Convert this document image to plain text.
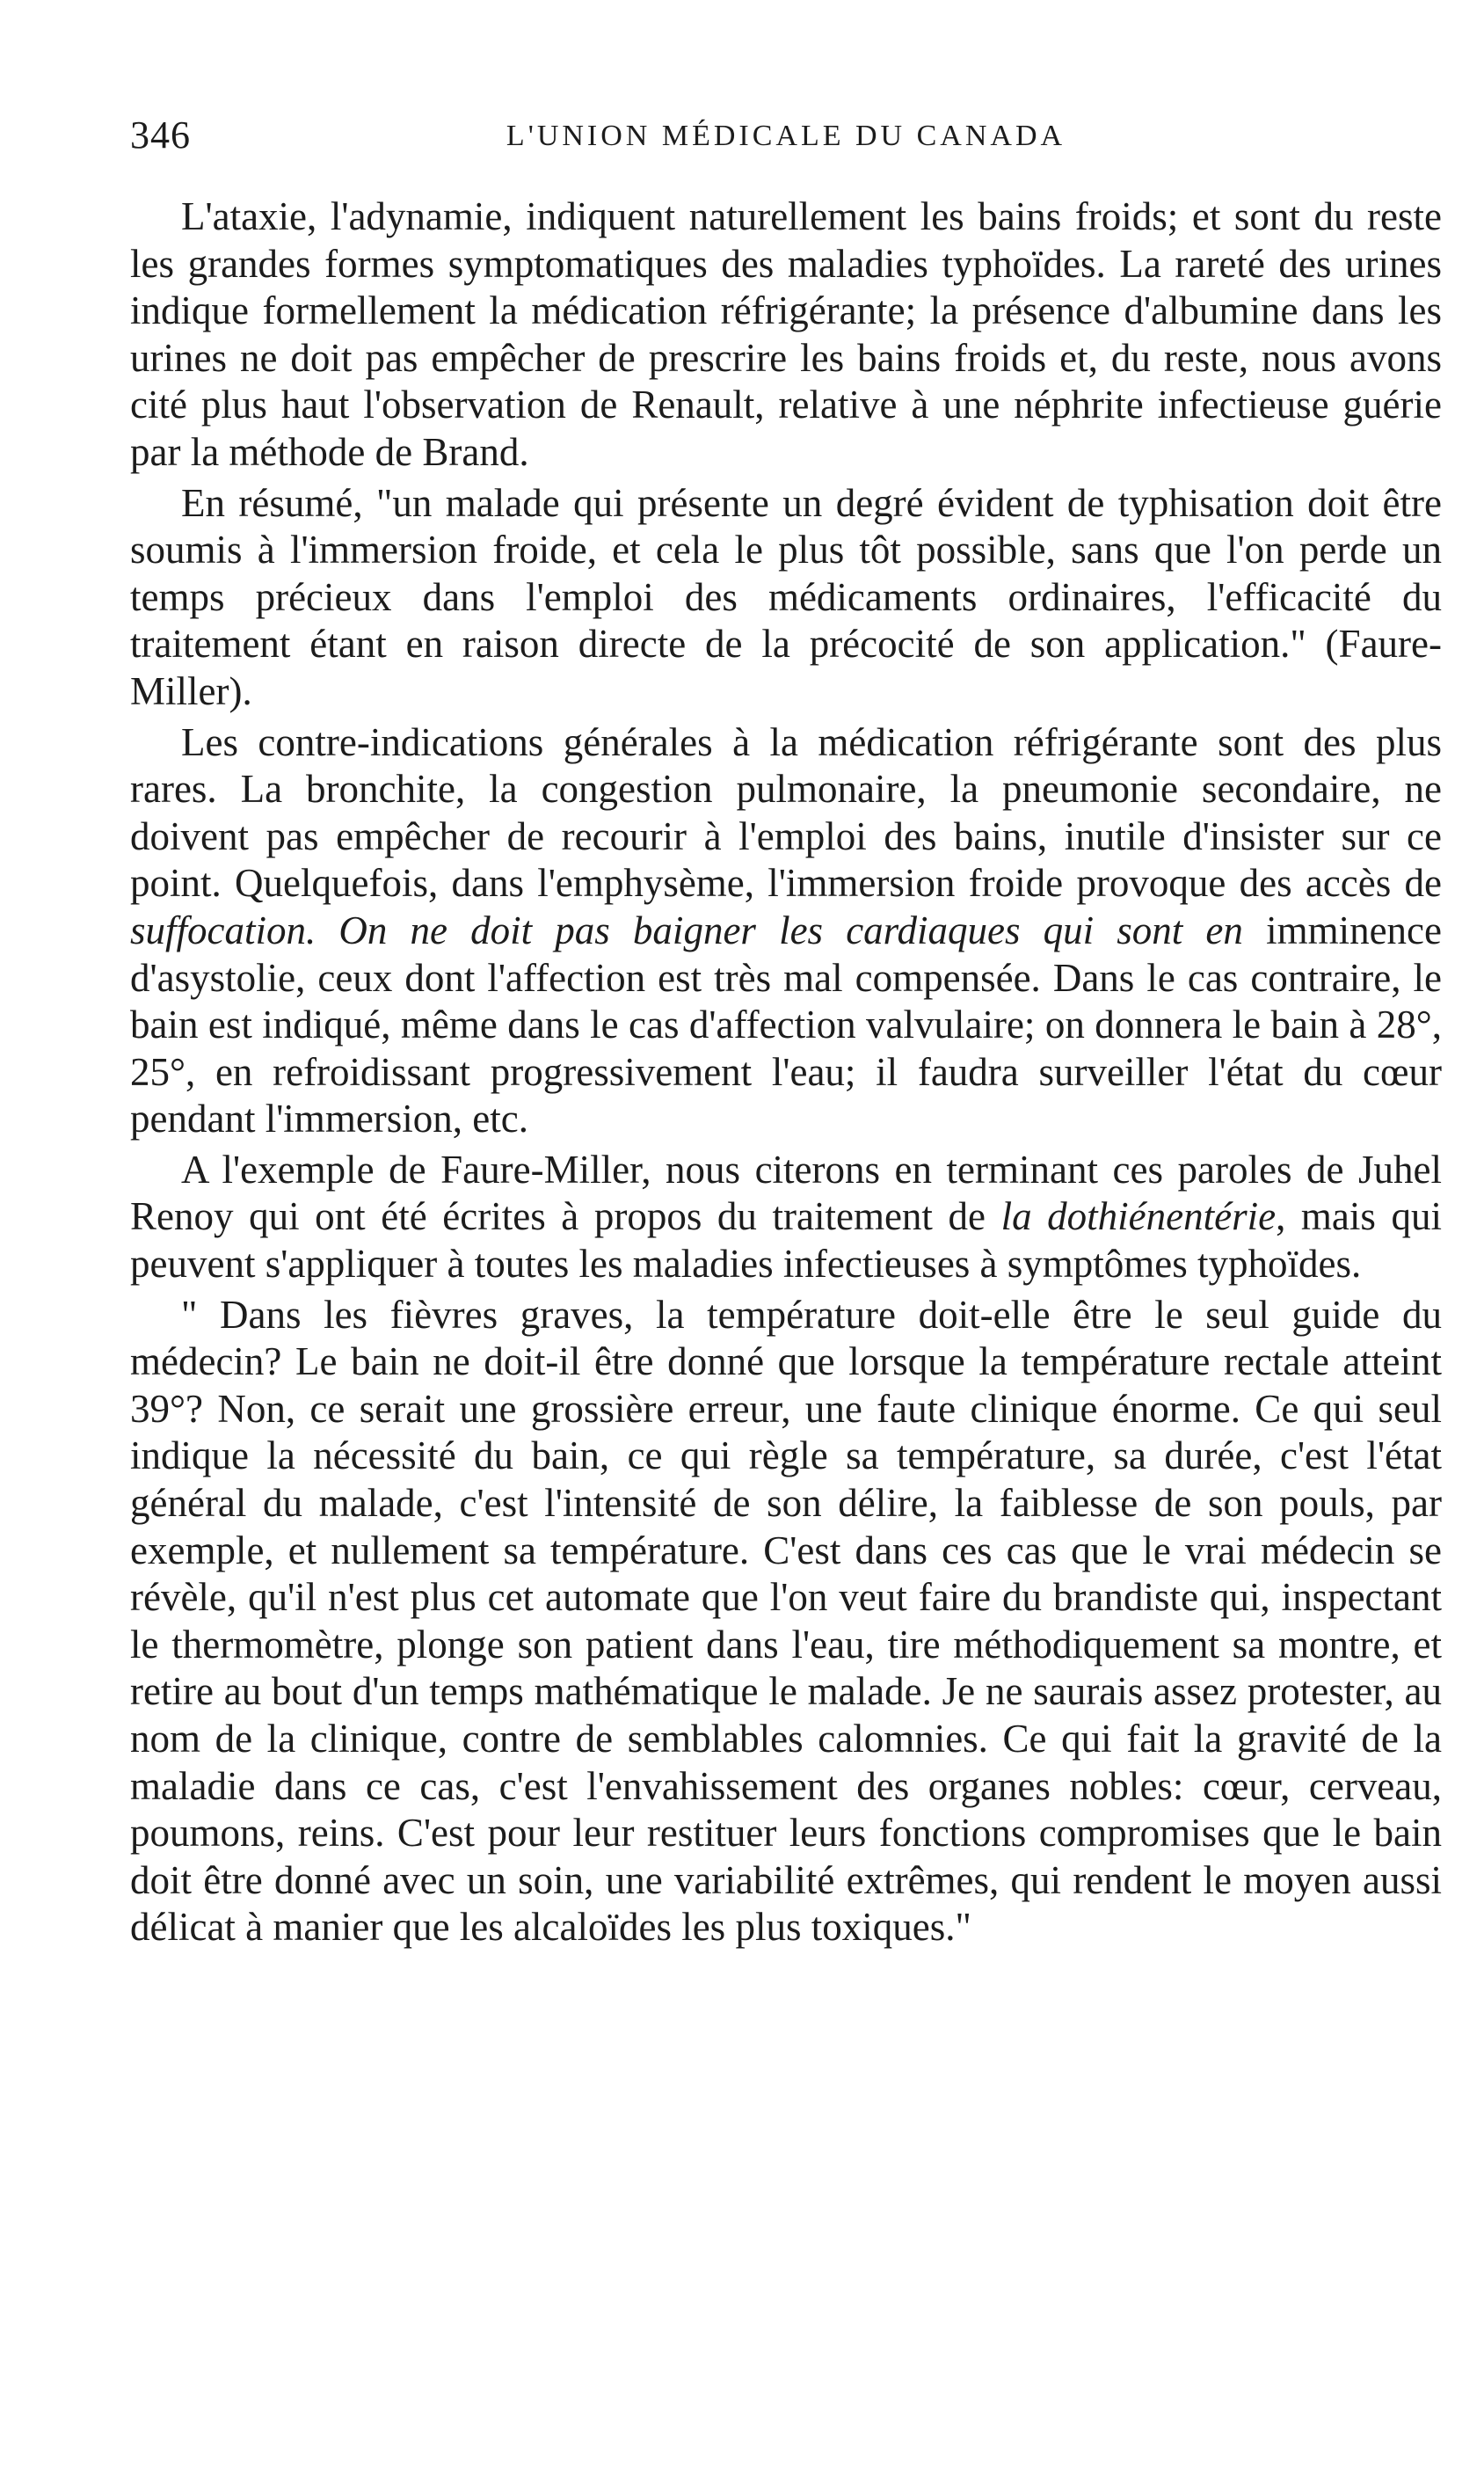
346	L'UNION MÉDICALE DU CANADA

L'ataxie, l'adynamie, indiquent naturellement les bains froids; et sont du reste les grandes formes symptomatiques des maladies typhoïdes. La rareté des urines indique formellement la médication réfrigérante; la présence d'albumine dans les urines ne doit pas empêcher de prescrire les bains froids et, du reste, nous avons cité plus haut l'observation de Renault, relative à une néphrite infectieuse guérie par la méthode de Brand.

En résumé, "un malade qui présente un degré évident de typhisation doit être soumis à l'immersion froide, et cela le plus tôt possible, sans que l'on perde un temps précieux dans l'emploi des médicaments ordinaires, l'efficacité du traitement étant en raison directe de la précocité de son application." (Faure-Miller).

Les contre-indications générales à la médication réfrigérante sont des plus rares. La bronchite, la congestion pulmonaire, la pneumonie secondaire, ne doivent pas empêcher de recourir à l'emploi des bains, inutile d'insister sur ce point. Quelquefois, dans l'emphysème, l'immersion froide provoque des accès de suffocation. On ne doit pas baigner les cardiaques qui sont en imminence d'asystolie, ceux dont l'affection est très mal compensée. Dans le cas contraire, le bain est indiqué, même dans le cas d'affection valvulaire; on donnera le bain à 28°, 25°, en refroidissant progressivement l'eau; il faudra surveiller l'état du cœur pendant l'immersion, etc.

A l'exemple de Faure-Miller, nous citerons en terminant ces paroles de Juhel Renoy qui ont été écrites à propos du traitement de la dothiénentérie, mais qui peuvent s'appliquer à toutes les maladies infectieuses à symptômes typhoïdes.

" Dans les fièvres graves, la température doit-elle être le seul guide du médecin? Le bain ne doit-il être donné que lorsque la température rectale atteint 39°? Non, ce serait une grossière erreur, une faute clinique énorme. Ce qui seul indique la nécessité du bain, ce qui règle sa température, sa durée, c'est l'état général du malade, c'est l'intensité de son délire, la faiblesse de son pouls, par exemple, et nullement sa température. C'est dans ces cas que le vrai médecin se révèle, qu'il n'est plus cet automate que l'on veut faire du brandiste qui, inspectant le thermomètre, plonge son patient dans l'eau, tire méthodiquement sa montre, et retire au bout d'un temps mathématique le malade. Je ne saurais assez protester, au nom de la clinique, contre de semblables calomnies. Ce qui fait la gravité de la maladie dans ce cas, c'est l'envahissement des organes nobles: cœur, cerveau, poumons, reins. C'est pour leur restituer leurs fonctions compromises que le bain doit être donné avec un soin, une variabilité extrêmes, qui rendent le moyen aussi délicat à manier que les alcaloïdes les plus toxiques."
